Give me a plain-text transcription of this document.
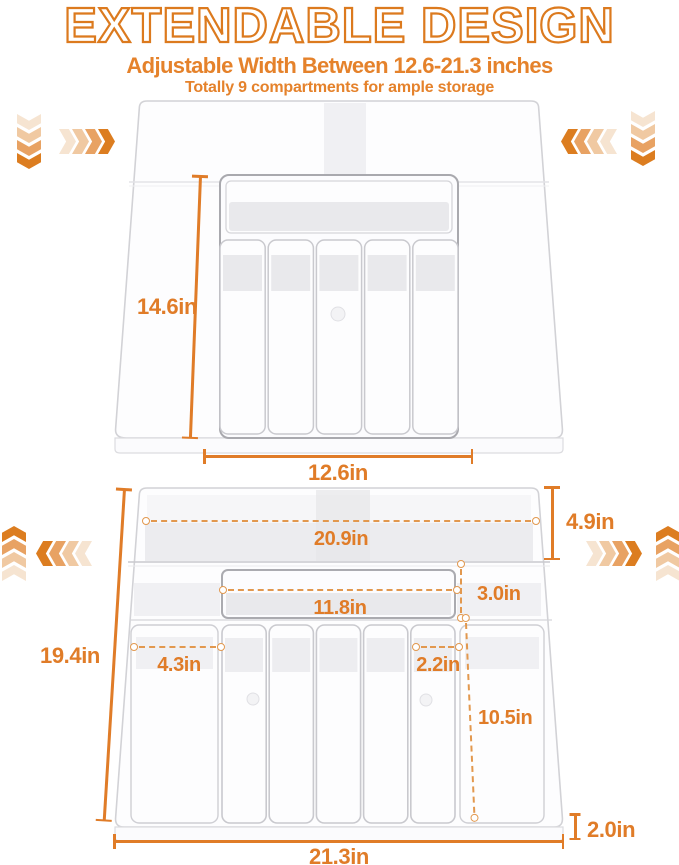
EXTENDABLE DESIGN
Adjustable Width Between 12.6-21.3 inches
Totally 9 compartments for ample storage
14.6in
12.6in
19.4in
20.9in
4.9in
3.0in
11.8in
4.3in	2.2in
10.5in
21.3in
2.0in
